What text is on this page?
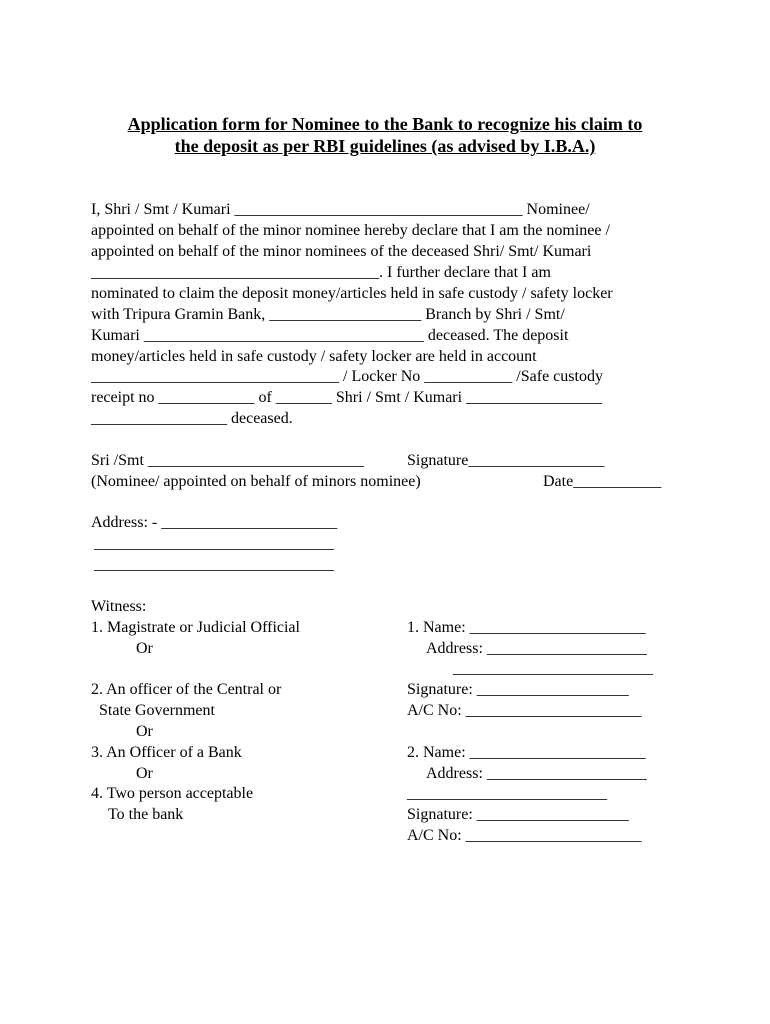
Application form for Nominee to the Bank to recognize his claim to
the deposit as per RBI guidelines (as advised by I.B.A.)
I, Shri / Smt / Kumari ____________________________________ Nominee/
appointed on behalf of the minor nominee hereby declare that I am the nominee /
appointed on behalf of the minor nominees of the deceased Shri/ Smt/ Kumari
____________________________________. I further declare that I am
nominated to claim the deposit money/articles held in safe custody / safety locker
with Tripura Gramin Bank, ___________________ Branch by Shri / Smt/
Kumari ___________________________________ deceased. The deposit
money/articles held in safe custody / safety locker are held in account
_______________________________ / Locker No ___________ /Safe custody
receipt no ____________ of _______ Shri / Smt / Kumari _________________
_________________ deceased.
Sri /Smt ___________________________	Signature_________________
(Nominee/ appointed on behalf of minors nominee)	Date___________
Address: - ______________________
______________________________
______________________________
Witness:
1. Magistrate or Judicial Official
Or
2. An officer of the Central or
State Government
Or
3. An Officer of a Bank
Or
4. Two person acceptable
To the bank
1. Name: ______________________
Address: ____________________
_________________________
Signature: ___________________
A/C No: ______________________
2. Name: ______________________
Address: ____________________
_________________________
Signature: ___________________
A/C No: ______________________
